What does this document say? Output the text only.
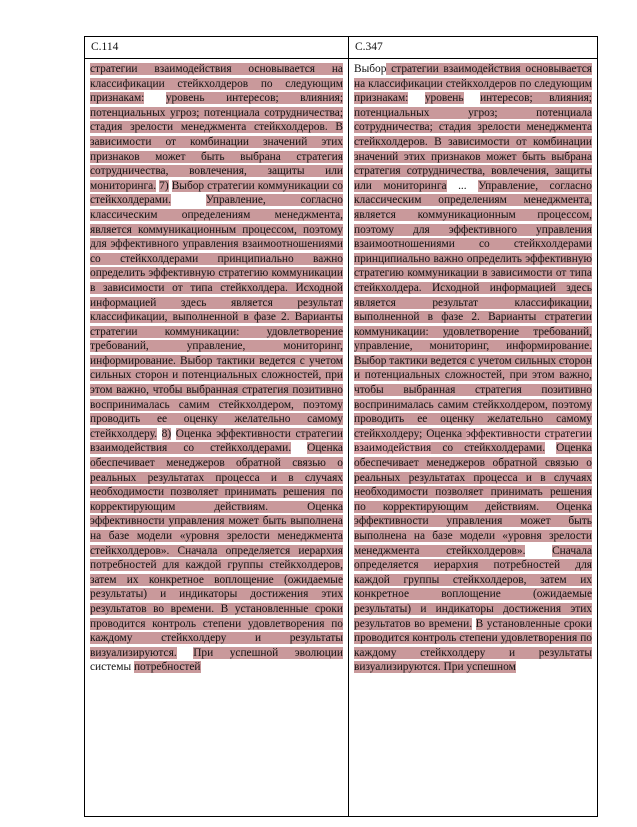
С.114

стратегии взаимодействия основывается на классификации стейкхолдеров по следующим признакам: уровень интересов; влияния; потенциальных угроз; потенциала сотрудничества; стадия зрелости менеджмента стейкхолдеров. В зависимости от комбинации значений этих признаков может быть выбрана стратегия сотрудничества, вовлечения, защиты или мониторинга. 7) Выбор стратегии коммуникации со стейкхолдерами.	Управление, согласно классическим определениям менеджмента, является коммуникационным процессом, поэтому для эффективного управления взаимоотношениями со стейкхолдерами принципиально важно определить эффективную стратегию коммуникации в зависимости от типа стейкхолдера. Исходной информацией здесь является результат классификации, выполненной в фазе 2. Варианты стратегии коммуникации: удовлетворение требований, управление, мониторинг, информирование. Выбор тактики ведется с учетом сильных сторон и потенциальных сложностей, при этом важно, чтобы выбранная стратегия позитивно воспринималась самим стейкхолдером, поэтому проводить ее оценку желательно самому стейкхолдеру. 8) Оценка эффективности стратегии взаимодействия со стейкхолдерами. Оценка обеспечивает менеджеров обратной связью о реальных результатах процесса и в случаях необходимости позволяет принимать решения по корректирующим действиям. Оценка эффективности управления может быть выполнена на базе модели «уровня зрелости менеджмента стейкхолдеров». Сначала определяется иерархия потребностей для каждой группы стейкхолдеров, затем их конкретное воплощение (ожидаемые результаты) и индикаторы достижения этих результатов во времени. В установленные сроки проводится контроль степени удовлетворения по каждому стейкхолдеру и результаты визуализируются. При успешной эволюции системы потребностей

С.347

Выбор стратегии взаимодействия основывается на классификации стейкхолдеров по следующим признакам: уровень интересов; влияния; потенциальных угроз; потенциала сотрудничества; стадия зрелости менеджмента стейкхолдеров. В зависимости от комбинации значений этих признаков может быть выбрана стратегия сотрудничества, вовлечения, защиты или мониторинга ... Управление, согласно классическим определениям менеджмента, является коммуникационным процессом, поэтому для эффективного управления взаимоотношениями со стейкхолдерами принципиально важно определить эффективную стратегию коммуникации в зависимости от типа стейкхолдера. Исходной информацией здесь является результат классификации, выполненной в фазе 2. Варианты стратегии коммуникации: удовлетворение требований, управление, мониторинг, информирование. Выбор тактики ведется с учетом сильных сторон и потенциальных сложностей, при этом важно, чтобы выбранная стратегия позитивно воспринималась самим стейкхолдером, поэтому проводить ее оценку желательно самому стейкхолдеру; Оценка эффективности стратегии взаимодействия со стейкхолдерами. Оценка обеспечивает менеджеров обратной связью о реальных результатах процесса и в случаях необходимости позволяет принимать решения по корректирующим действиям. Оценка эффективности управления может быть выполнена на базе модели «уровня зрелости менеджмента стейкхолдеров». Сначала определяется иерархия потребностей для каждой группы стейкхолдеров, затем их конкретное воплощение (ожидаемые результаты) и индикаторы достижения этих результатов во времени. В установленные сроки проводится контроль степени удовлетворения по каждому стейкхолдеру и результаты визуализируются. При успешном
